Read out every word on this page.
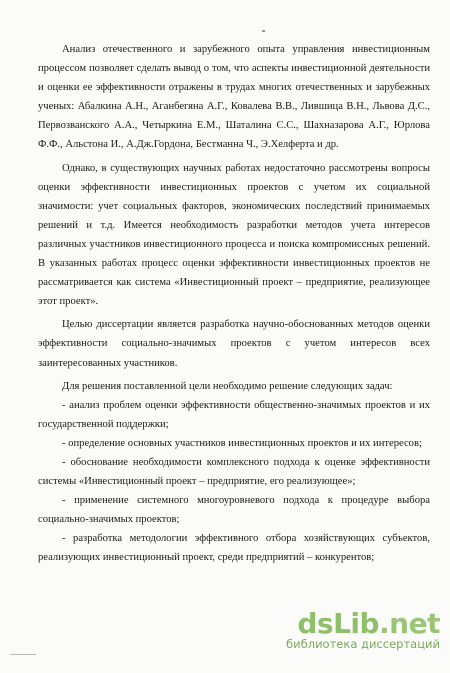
Анализ отечественного и зарубежного опыта управления инвестиционным процессом позволяет сделать вывод о том, что аспекты инвестиционной деятельности и оценки ее эффективности отражены в трудах многих отечественных и зарубежных ученых: Абалкина А.Н., Аганбегяна А.Г., Ковалева В.В., Лившица В.Н., Львова Д.С., Первозванского А.А., Четыркина Е.М., Шаталина С.С., Шахназарова А.Г., Юрлова Ф.Ф., Альстона И., А.Дж.Гордона, Бестманна Ч., Э.Хелферта и др.

Однако, в существующих научных работах недостаточно рассмотрены вопросы оценки эффективности инвестиционных проектов с учетом их социальной значимости: учет социальных факторов, экономических последствий принимаемых решений и т.д. Имеется необходимость разработки методов учета интересов различных участников инвестиционного процесса и поиска компромиссных решений. В указанных работах процесс оценки эффективности инвестиционных проектов не рассматривается как система «Инвестиционный проект – предприятие, реализующее этот проект».

Целью диссертации является разработка научно-обоснованных методов оценки эффективности социально-значимых проектов с учетом интересов всех заинтересованных участников.

Для решения поставленной цели необходимо решение следующих задач:

- анализ проблем оценки эффективности общественно-значимых проектов и их государственной поддержки;

- определение основных участников инвестиционных проектов и их интересов;

- обоснование необходимости комплексного подхода к оценке эффективности системы «Инвестиционный проект – предприятие, его реализующее»;

- применение системного многоуровневого подхода к процедуре выбора социально-значимых проектов;

- разработка методологии эффективного отбора хозяйствующих субъектов, реализующих инвестиционный проект, среди предприятий – конкурентов;

dsLib.net
библиотека диссертаций
